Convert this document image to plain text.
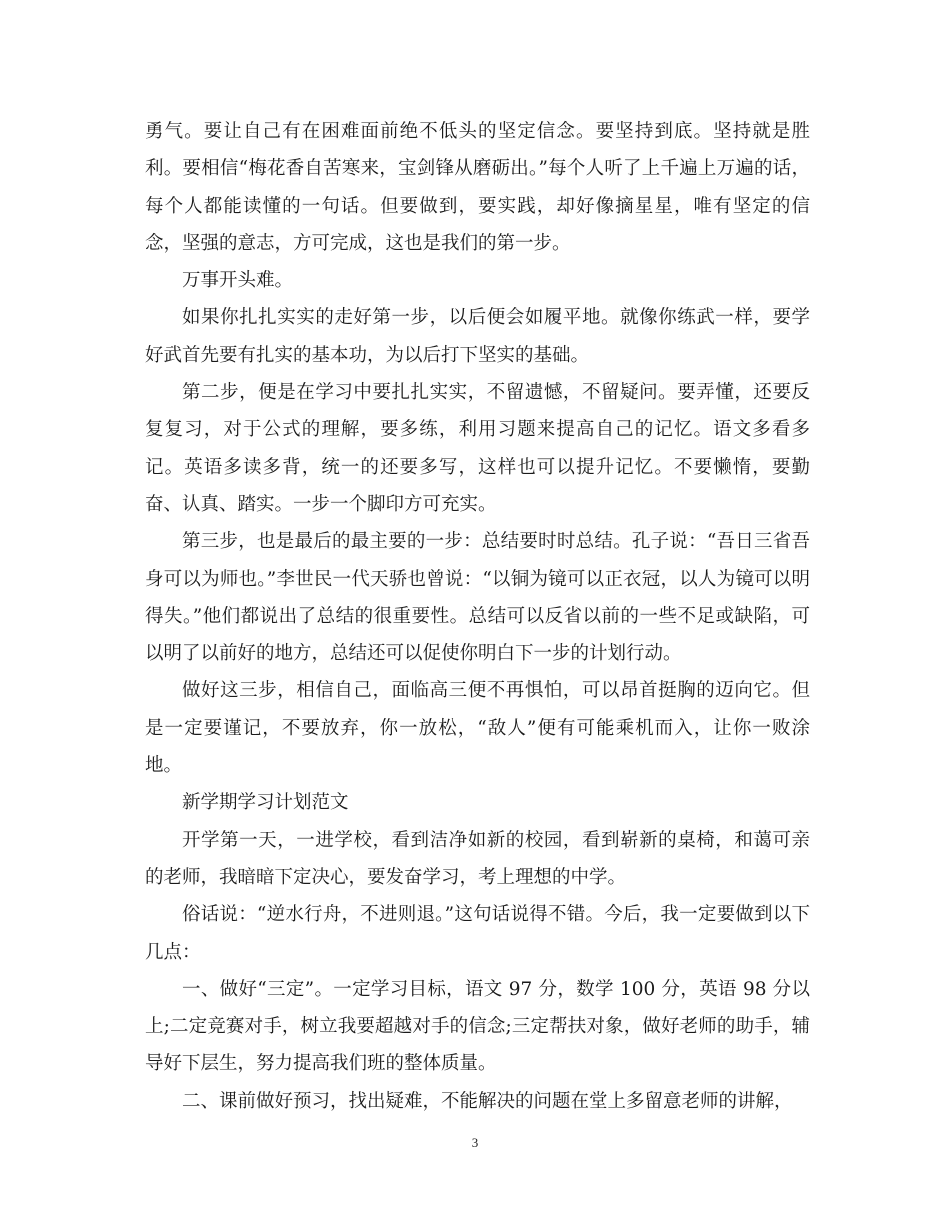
勇气。要让自己有在困难面前绝不低头的坚定信念。要坚持到底。坚持就是胜利。要相信“梅花香自苦寒来，宝剑锋从磨砺出。”每个人听了上千遍上万遍的话，每个人都能读懂的一句话。但要做到，要实践，却好像摘星星，唯有坚定的信念，坚强的意志，方可完成，这也是我们的第一步。

万事开头难。

如果你扎扎实实的走好第一步，以后便会如履平地。就像你练武一样，要学好武首先要有扎实的基本功，为以后打下坚实的基础。

第二步，便是在学习中要扎扎实实，不留遗憾，不留疑问。要弄懂，还要反复复习，对于公式的理解，要多练，利用习题来提高自己的记忆。语文多看多记。英语多读多背，统一的还要多写，这样也可以提升记忆。不要懒惰，要勤奋、认真、踏实。一步一个脚印方可充实。

第三步，也是最后的最主要的一步：总结要时时总结。孔子说：“吾日三省吾身可以为师也。”李世民一代天骄也曾说：“以铜为镜可以正衣冠，以人为镜可以明得失。”他们都说出了总结的很重要性。总结可以反省以前的一些不足或缺陷，可以明了以前好的地方，总结还可以促使你明白下一步的计划行动。

做好这三步，相信自己，面临高三便不再惧怕，可以昂首挺胸的迈向它。但是一定要谨记，不要放弃，你一放松，“敌人”便有可能乘机而入，让你一败涂地。

新学期学习计划范文

开学第一天，一进学校，看到洁净如新的校园，看到崭新的桌椅，和蔼可亲的老师，我暗暗下定决心，要发奋学习，考上理想的中学。

俗话说：“逆水行舟，不进则退。”这句话说得不错。今后，我一定要做到以下几点：

一、做好“三定”。一定学习目标，语文 97 分，数学 100 分，英语 98 分以上;二定竞赛对手，树立我要超越对手的信念;三定帮扶对象，做好老师的助手，辅导好下层生，努力提高我们班的整体质量。

二、课前做好预习，找出疑难，不能解决的问题在堂上多留意老师的讲解，

3
